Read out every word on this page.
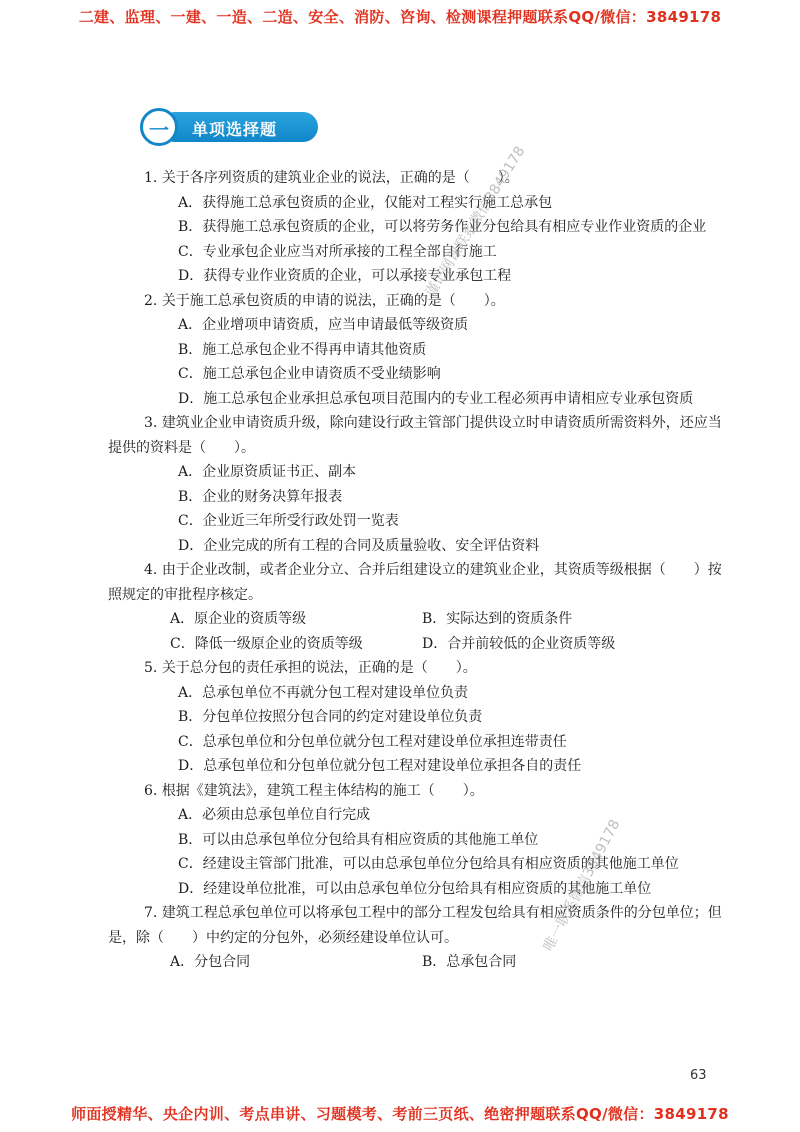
二建、监理、一建、一造、二造、安全、消防、咨询、检测课程押题联系QQ/微信：3849178
一 单项选择题
1. 关于各序列资质的建筑业企业的说法，正确的是（　　）。
A．获得施工总承包资质的企业，仅能对工程实行施工总承包
B．获得施工总承包资质的企业，可以将劳务作业分包给具有相应专业作业资质的企业
C．专业承包企业应当对所承接的工程全部自行施工
D．获得专业作业资质的企业，可以承接专业承包工程
2. 关于施工总承包资质的申请的说法，正确的是（　　）。
A．企业增项申请资质，应当申请最低等级资质
B．施工总承包企业不得再申请其他资质
C．施工总承包企业申请资质不受业绩影响
D．施工总承包企业承担总承包项目范围内的专业工程必须再申请相应专业承包资质
3. 建筑业企业申请资质升级，除向建设行政主管部门提供设立时申请资质所需资料外，还应当提供的资料是（　　）。
A．企业原资质证书正、副本
B．企业的财务决算年报表
C．企业近三年所受行政处罚一览表
D．企业完成的所有工程的合同及质量验收、安全评估资料
4. 由于企业改制，或者企业分立、合并后组建设立的建筑业企业，其资质等级根据（　　）按照规定的审批程序核定。
A．原企业的资质等级	B．实际达到的资质条件
C．降低一级原企业的资质等级	D．合并前较低的企业资质等级
5. 关于总分包的责任承担的说法，正确的是（　　）。
A．总承包单位不再就分包工程对建设单位负责
B．分包单位按照分包合同的约定对建设单位负责
C．总承包单位和分包单位就分包工程对建设单位承担连带责任
D．总承包单位和分包单位就分包工程对建设单位承担各自的责任
6. 根据《建筑法》，建筑工程主体结构的施工（　　）。
A．必须由总承包单位自行完成
B．可以由总承包单位分包给具有相应资质的其他施工单位
C．经建设主管部门批准，可以由总承包单位分包给具有相应资质的其他施工单位
D．经建设单位批准，可以由总承包单位分包给具有相应资质的其他施工单位
7. 建筑工程总承包单位可以将承包工程中的部分工程发包给具有相应资质条件的分包单位；但是，除（　　）中约定的分包外，必须经建设单位认可。
A．分包合同	B．总承包合同
谨记网课联系微信3849178
唯一联系微信3849178
63
师面授精华、央企内训、考点串讲、习题模考、考前三页纸、绝密押题联系QQ/微信：3849178
